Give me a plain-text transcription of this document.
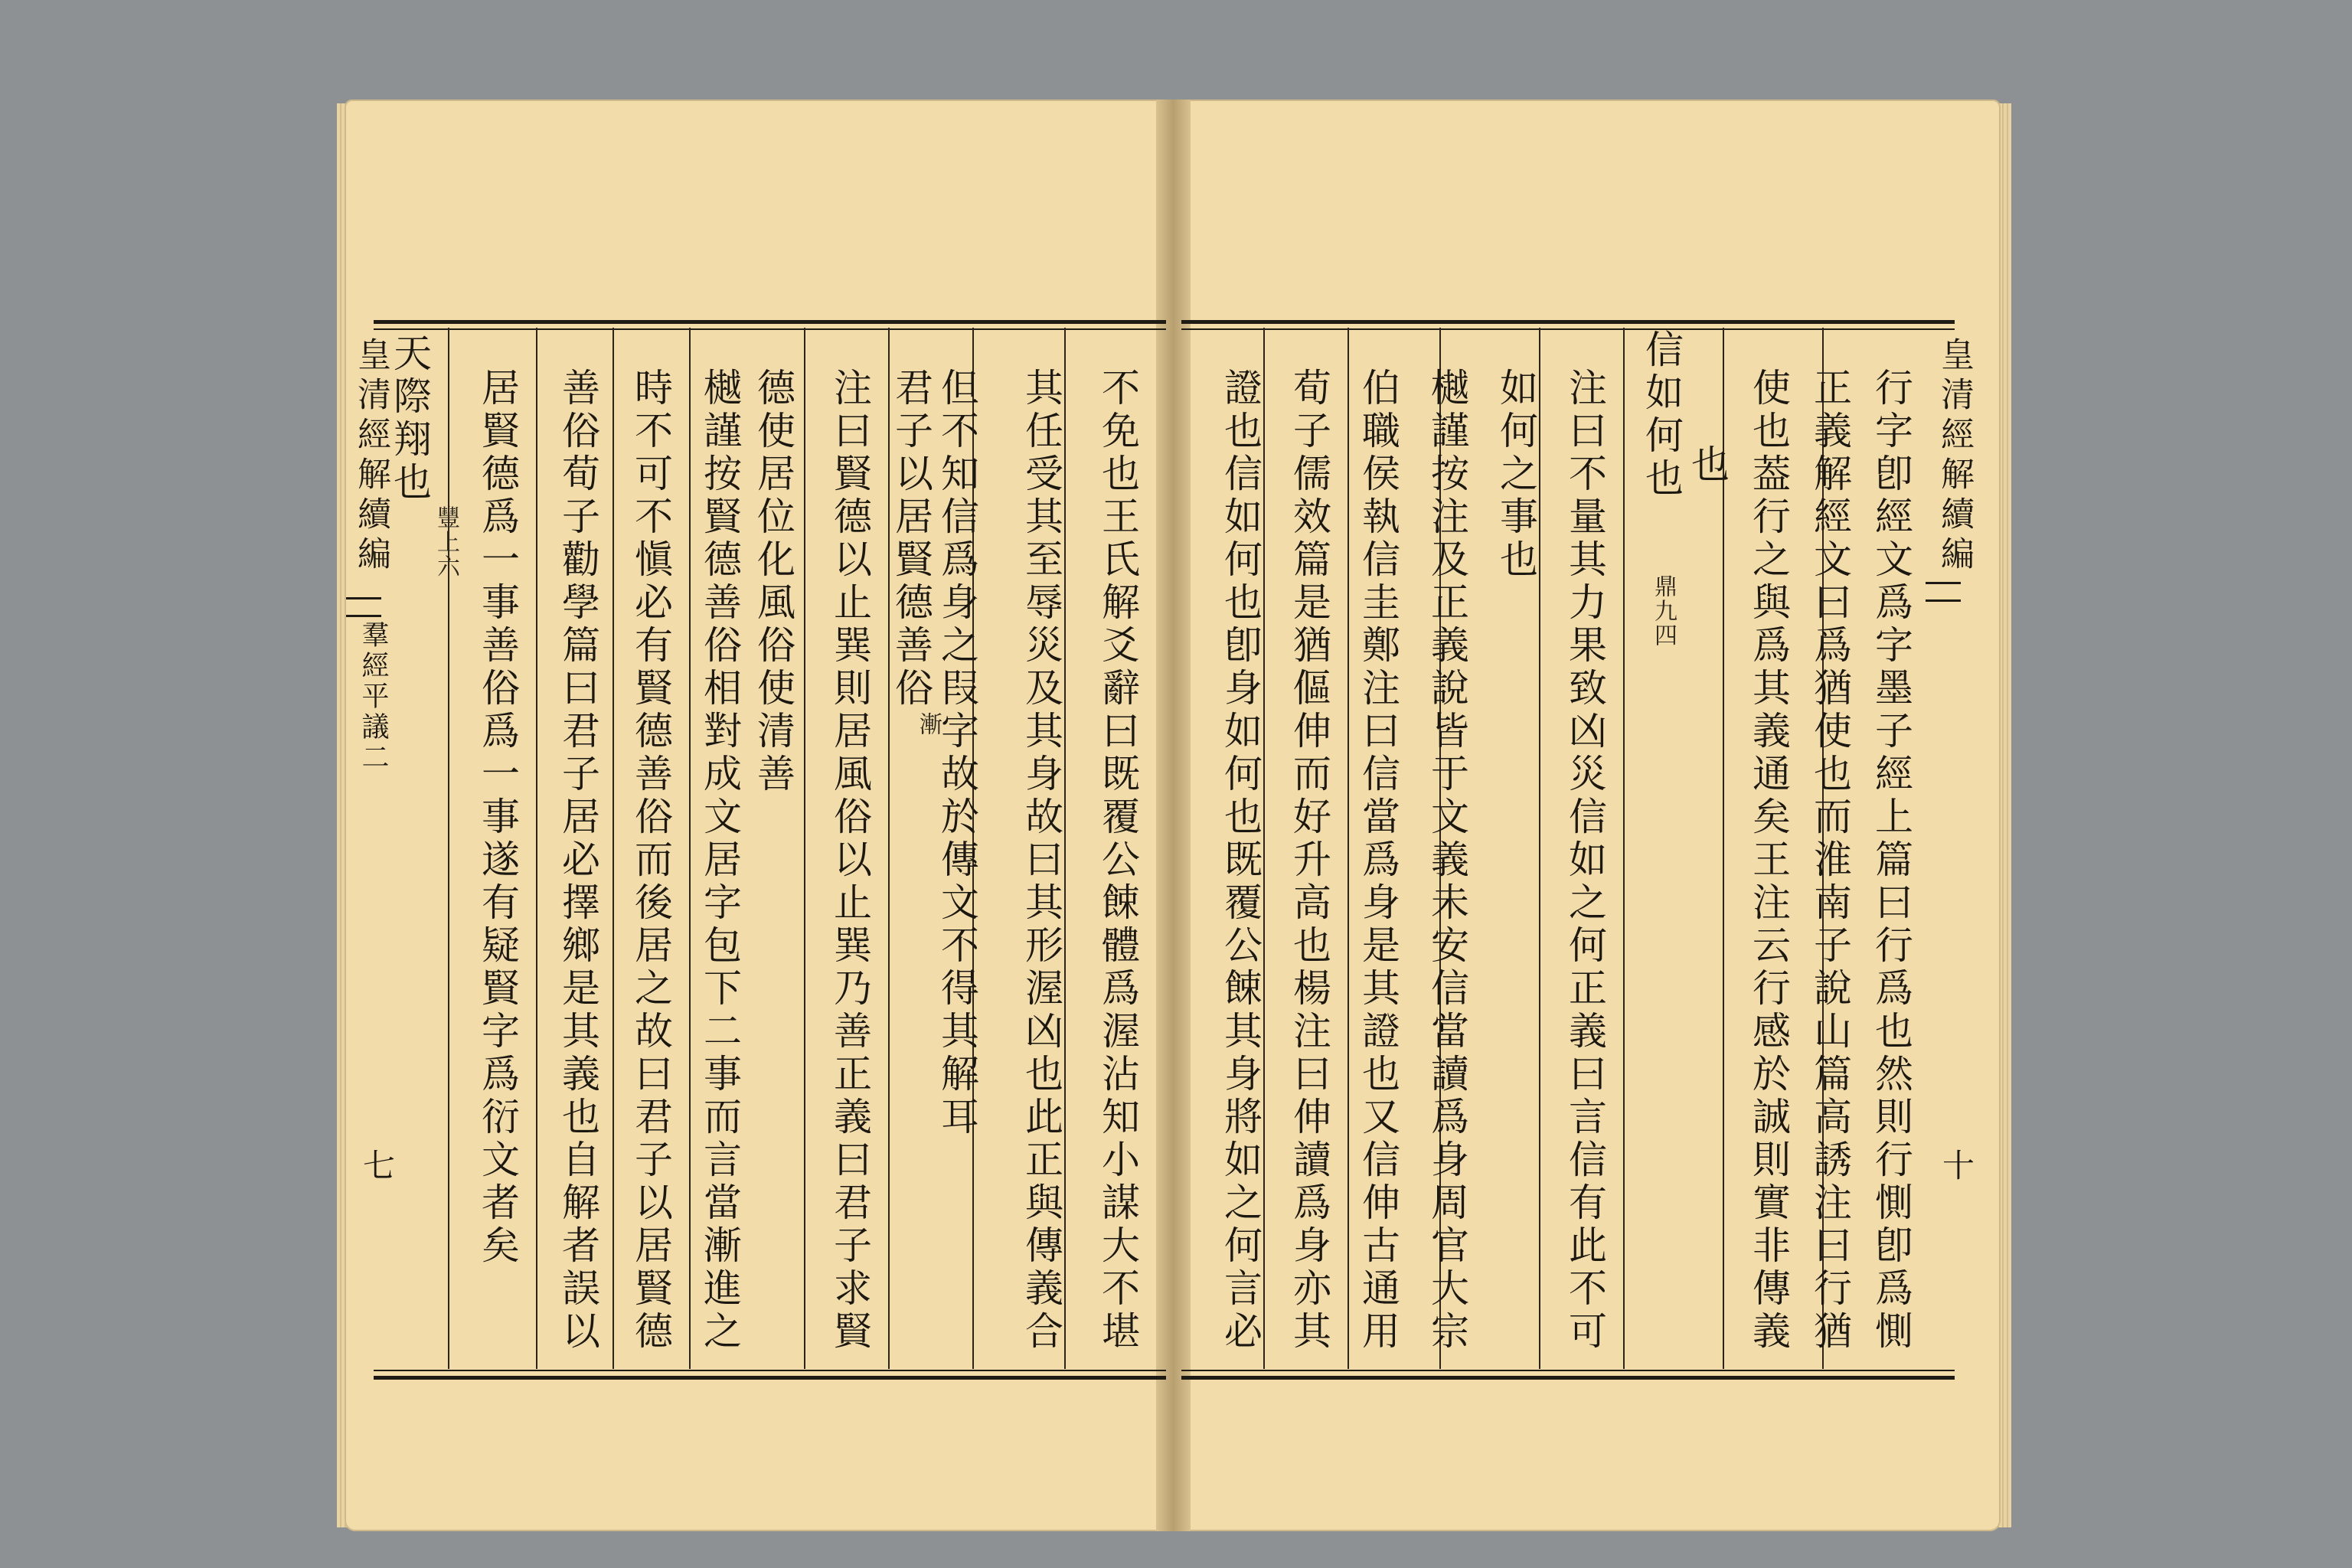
皇清經解續編
羣經平議二
七
皇清經解續編
十
不免也王氏解爻辭曰既覆公餗體爲渥沾知小謀大不堪
其任受其至辱災及其身故曰其形渥凶也此正與傳義合
但不知信爲身之叚字故於傳文不得其解耳
君子以居賢德善俗
漸
注曰賢德以止巽則居風俗以止巽乃善正義曰君子求賢
德使居位化風俗使清善
樾謹按賢德善俗相對成文居字包下二事而言當漸進之
時不可不愼必有賢德善俗而後居之故曰君子以居賢德
善俗荀子勸學篇曰君子居必擇鄉是其義也自解者誤以
居賢德爲一事善俗爲一事遂有疑賢字爲衍文者矣
天際翔也
豐上六	行字卽經文爲字墨子經上篇曰行爲也然則行惻卽爲惻
正義解經文曰爲猶使也而淮南子說山篇高誘注曰行猶
使也葢行之與爲其義通矣王注云行感於誠則實非傳義
也
信如何也
鼎九四
注曰不量其力果致凶災信如之何正義曰言信有此不可
如何之事也
樾謹按注及正義說皆于文義未安信當讀爲身周官大宗
伯職侯執信圭鄭注曰信當爲身是其證也又信伸古通用
荀子儒效篇是猶傴伸而好升高也楊注曰伸讀爲身亦其
證也信如何也卽身如何也既覆公餗其身將如之何言必
